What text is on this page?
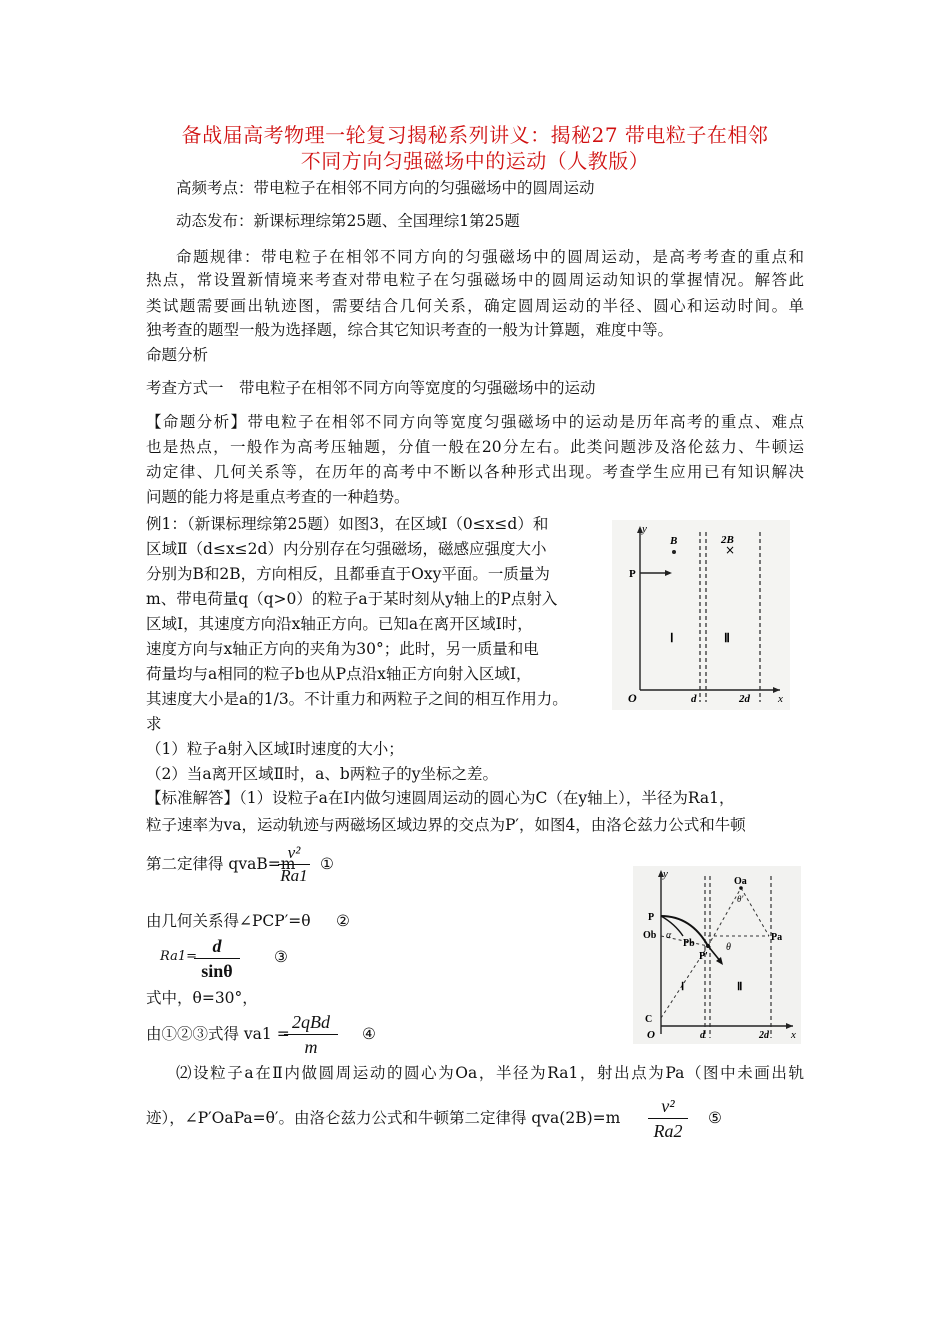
备战届高考物理一轮复习揭秘系列讲义：揭秘27 带电粒子在相邻
不同方向匀强磁场中的运动（人教版）
高频考点：带电粒子在相邻不同方向的匀强磁场中的圆周运动
动态发布：新课标理综第25题、全国理综1第25题
命题规律：带电粒子在相邻不同方向的匀强磁场中的圆周运动，是高考考查的重点和
热点，常设置新情境来考查对带电粒子在匀强磁场中的圆周运动知识的掌握情况。解答此
类试题需要画出轨迹图，需要结合几何关系，确定圆周运动的半径、圆心和运动时间。单
独考查的题型一般为选择题，综合其它知识考查的一般为计算题，难度中等。
命题分析
考查方式一　带电粒子在相邻不同方向等宽度的匀强磁场中的运动
【命题分析】带电粒子在相邻不同方向等宽度匀强磁场中的运动是历年高考的重点、难点
也是热点，一般作为高考压轴题，分值一般在20分左右。此类问题涉及洛伦兹力、牛顿运
动定律、几何关系等，在历年的高考中不断以各种形式出现。考查学生应用已有知识解决
问题的能力将是重点考查的一种趋势。
例1：（新课标理综第25题）如图3，在区域Ⅰ（0≤x≤d）和
区域Ⅱ（d≤x≤2d）内分别存在匀强磁场，磁感应强度大小
分别为B和2B，方向相反，且都垂直于Oxy平面。一质量为
m、带电荷量q（q>0）的粒子a于某时刻从y轴上的P点射入
区域Ⅰ，其速度方向沿x轴正方向。已知a在离开区域Ⅰ时，
速度方向与x轴正方向的夹角为30°；此时，另一质量和电
荷量均与a相同的粒子b也从P点沿x轴正方向射入区域Ⅰ，
其速度大小是a的1/3。不计重力和两粒子之间的相互作用力。
求
（1）粒子a射入区域Ⅰ时速度的大小；
（2）当a离开区域Ⅱ时，a、b两粒子的y坐标之差。
×
y
x
O
B	2B
P
Ⅰ	Ⅱ
d	2d
【标准解答】（1）设粒子a在Ⅰ内做匀速圆周运动的圆心为C（在y轴上），半径为Ra1，
粒子速率为va，运动轨迹与两磁场区域边界的交点为P′，如图4，由洛仑兹力公式和牛顿
第二定律得 qvaB=m
v²
Ra1
①
由几何关系得∠PCP′=θ ②
Ra1=
d
sinθ
③
式中，θ=30°，
由①②③式得 va1 =
2qBd
m
④
y
x
O
Oa
θ'
P
Ob
Pb
P'
Pa
α
θ
Ⅰ	Ⅱ
C
d	2d
⑵设粒子a在Ⅱ内做圆周运动的圆心为Oa，半径为Ra1，射出点为Pa（图中未画出轨
迹），∠P′OaPa=θ′。由洛仑兹力公式和牛顿第二定律得 qva(2B)=m
v²
Ra2
⑤
